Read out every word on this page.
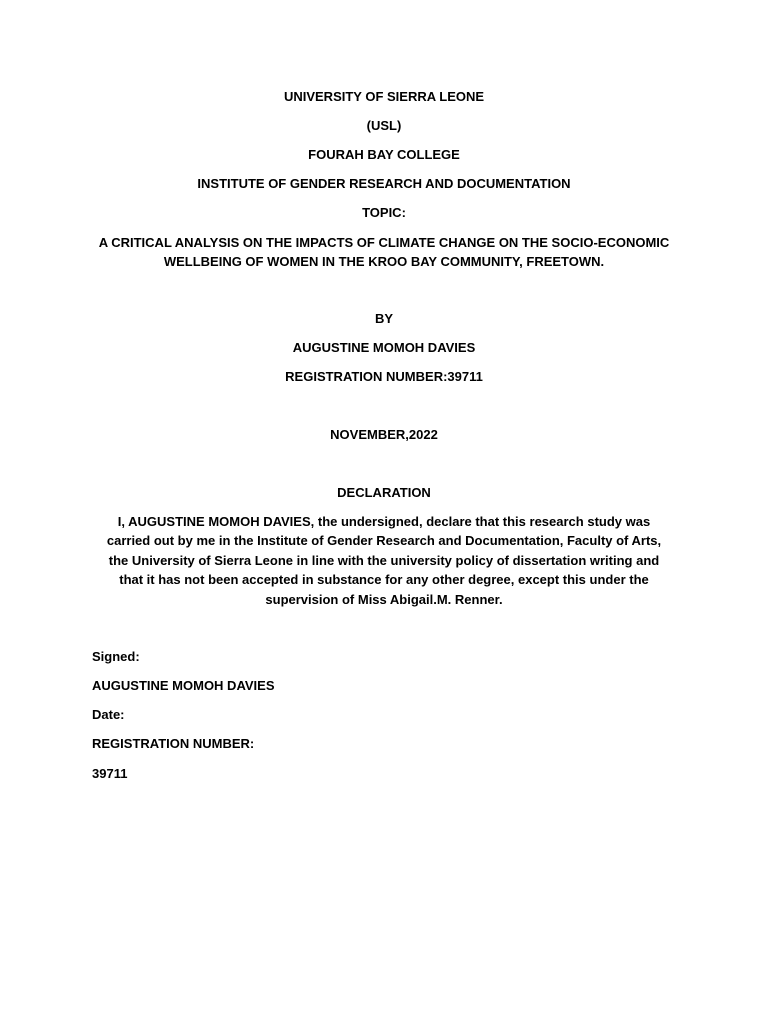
UNIVERSITY OF SIERRA LEONE
(USL)
FOURAH BAY COLLEGE
INSTITUTE OF GENDER RESEARCH AND DOCUMENTATION
TOPIC:
A CRITICAL ANALYSIS ON THE IMPACTS OF CLIMATE CHANGE ON THE SOCIO-ECONOMIC
WELLBEING OF WOMEN IN THE KROO BAY COMMUNITY, FREETOWN.
BY
AUGUSTINE MOMOH DAVIES
REGISTRATION NUMBER:39711
NOVEMBER,2022
DECLARATION
I, AUGUSTINE MOMOH DAVIES, the undersigned, declare that this research study was
carried out by me in the Institute of Gender Research and Documentation, Faculty of Arts,
the University of Sierra Leone in line with the university policy of dissertation writing and
that it has not been accepted in substance for any other degree, except this under the
supervision of Miss Abigail.M. Renner.
Signed:
AUGUSTINE MOMOH DAVIES
Date:
REGISTRATION NUMBER:
39711
